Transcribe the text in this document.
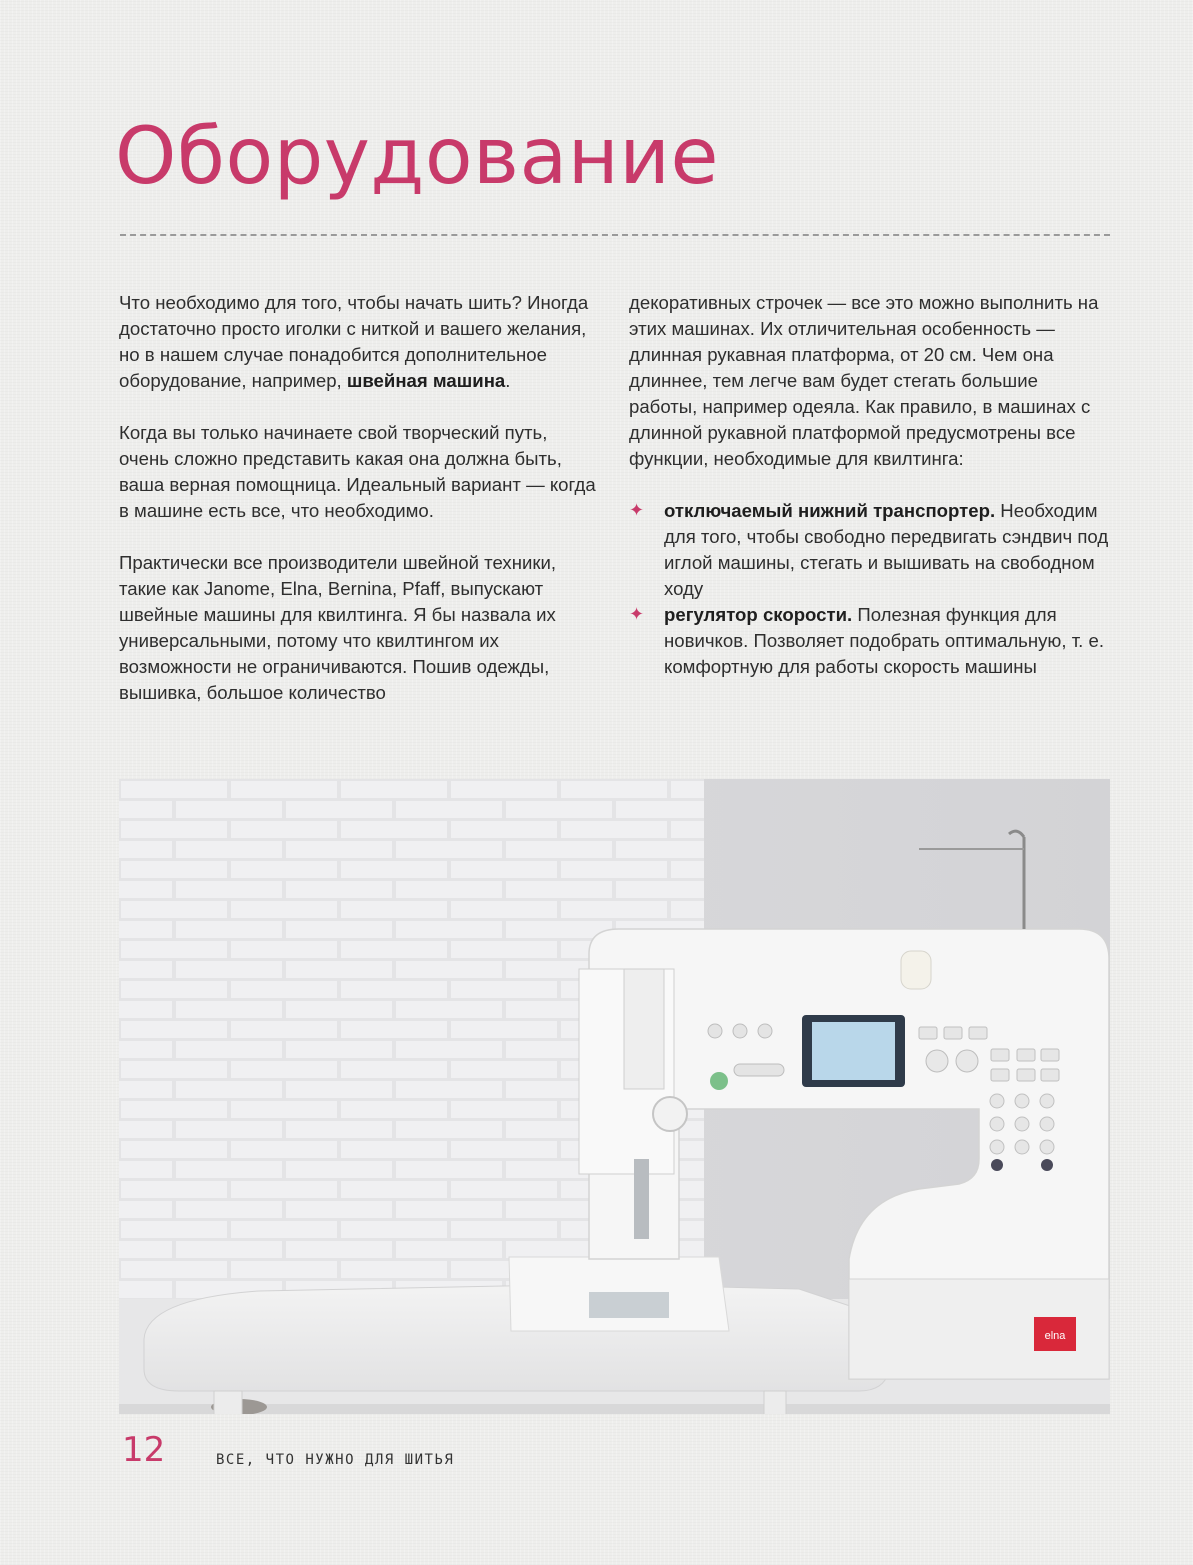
Оборудование

Что необходимо для того, чтобы начать шить? Иногда достаточно просто иголки с ниткой и вашего желания, но в нашем случае понадобится дополнительное оборудование, например, швейная машина.

Когда вы только начинаете свой творческий путь, очень сложно представить какая она должна быть, ваша верная помощница. Идеальный вариант — когда в машине есть все, что необходимо.

Практически все производители швейной техники, такие как Janome, Elna, Bernina, Pfaff, выпускают швейные машины для квилтинга. Я бы назвала их универсальными, потому что квилтингом их возможности не ограничиваются. Пошив одежды, вышивка, большое количество

декоративных строчек — все это можно выполнить на этих машинах. Их отличительная особенность — длинная рукавная платформа, от 20 см. Чем она длиннее, тем легче вам будет стегать большие работы, например одеяла. Как правило, в машинах с длинной рукавной платформой предусмотрены все функции, необходимые для квилтинга:

✦ отключаемый нижний транспортер. Необходим для того, чтобы свободно передвигать сэндвич под иглой машины, стегать и вышивать на свободном ходу
✦ регулятор скорости. Полезная функция для новичков. Позволяет подобрать оптимальную, т. е. комфортную для работы скорость машины
elna
12	ВСЕ, ЧТО НУЖНО ДЛЯ ШИТЬЯ
